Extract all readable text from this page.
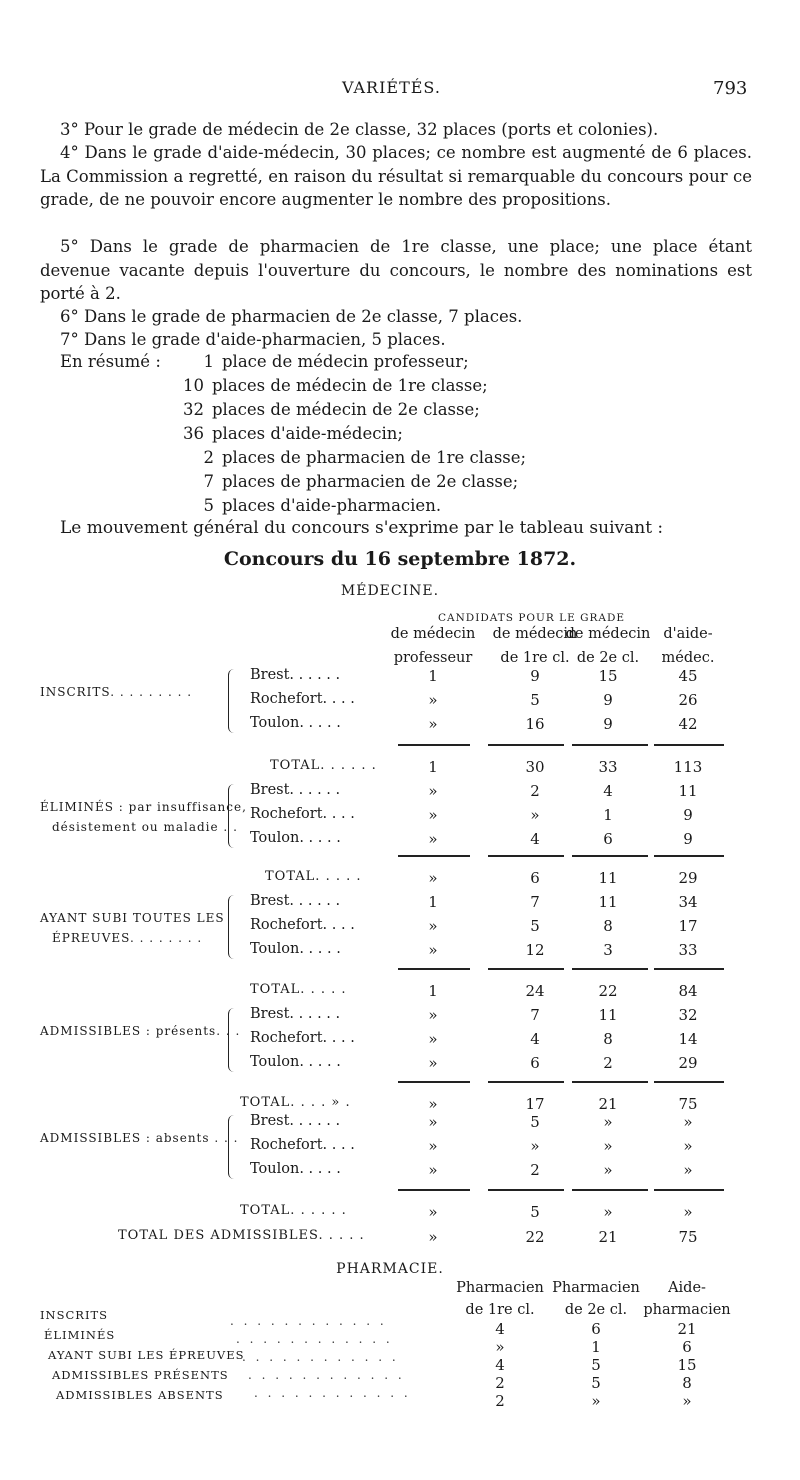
VARIÉTÉS.	793
3° Pour le grade de médecin de 2e classe, 32 places (ports et colonies).
4° Dans le grade d'aide-médecin, 30 places; ce nombre est augmenté de 6 places. La Commission a regretté, en raison du résultat si remarquable du concours pour ce grade, de ne pouvoir encore augmenter le nombre des propositions.
5° Dans le grade de pharmacien de 1re classe, une place; une place étant devenue vacante depuis l'ouverture du concours, le nombre des nominations est porté à 2.
6° Dans le grade de pharmacien de 2e classe, 7 places.
7° Dans le grade d'aide-pharmacien, 5 places.
En résumé :	1 place de médecin professeur;
10 places de médecin de 1re classe;
32 places de médecin de 2e classe;
36 places d'aide-médecin;
2 places de pharmacien de 1re classe;
7 places de pharmacien de 2e classe;
5 places d'aide-pharmacien.
Le mouvement général du concours s'exprime par le tableau suivant :
Concours du 16 septembre 1872.
MÉDECINE.
CANDIDATS POUR LE GRADE
de médecin
professeur
de médecin
de 1re cl.
de médecin
de 2e cl.
d'aide-
médec.
INSCRITS. . . . . . . . .
Brest. . . . . .	1	9	15	45
Rochefort. . . .	»	5	9	26
Toulon. . . . .	»	16	9	42
TOTAL. . . . . .	1	30	33	113
ÉLIMINÉS : par insuffisance,
désistement ou maladie . .
Brest. . . . . .	»	2	4	11
Rochefort. . . .	»	»	1	9
Toulon. . . . .	»	4	6	9
TOTAL. . . . .	»	6	11	29
AYANT SUBI TOUTES LES
ÉPREUVES. . . . . . . .
Brest. . . . . .	1	7	11	34
Rochefort. . . .	»	5	8	17
Toulon. . . . .	»	12	3	33
TOTAL. . . . .	1	24	22	84
ADMISSIBLES : présents. . .
Brest. . . . . .	»	7	11	32
Rochefort. . . .	»	4	8	14
Toulon. . . . .	»	6	2	29
TOTAL. . . . » .	»	17	21	75
ADMISSIBLES : absents . . .
Brest. . . . . .	»	5	»	»
Rochefort. . . .	»	»	»	»
Toulon. . . . .	»	2	»	»
TOTAL. . . . . .	»	5	»	»
TOTAL DES ADMISSIBLES. . . . .	»	22	21	75
PHARMACIE.
Pharmacien
de 1re cl.
Pharmacien
de 2e cl.
Aide-
pharmacien
INSCRITS	. . . . . . . . . . . .	4	6	21
ÉLIMINÉS	. . . . . . . . . . . .	»	1	6
AYANT SUBI LES ÉPREUVES
. . . . . . . . . . . .	4	5	15
ADMISSIBLES PRÉSENTS . . . . . . . . . . . .	2	5	8
ADMISSIBLES ABSENTS	. . . . . . . . . . . .	2	»	»
